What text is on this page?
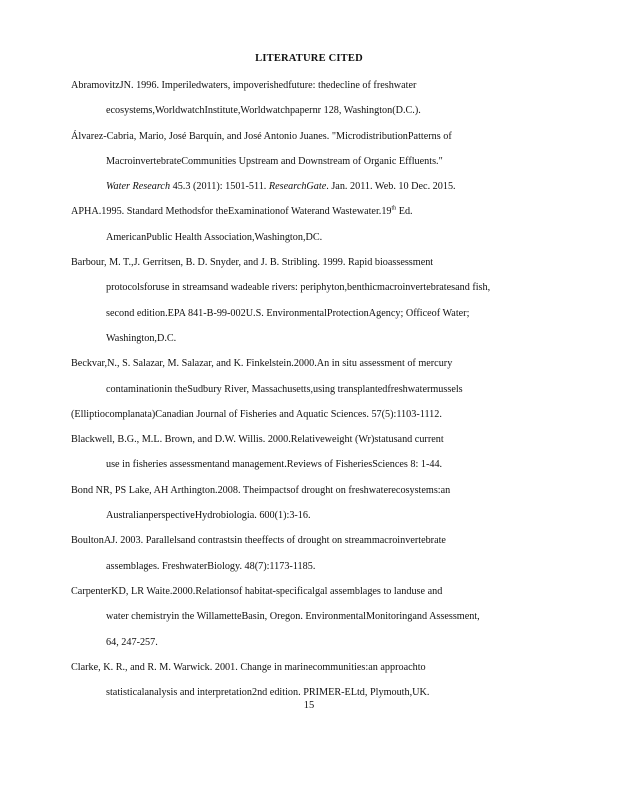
LITERATURE CITED
AbramovitzJN. 1996. Imperiledwaters, impoverishedfuture: thedecline of freshwater
ecosystems,WorldwatchInstitute,Worldwatchpapernr 128, Washington(D.C.).
Álvarez-Cabria, Mario, José Barquín, and José Antonio Juanes. "MicrodistributionPatterns of
MacroinvertebrateCommunities Upstream and Downstream of Organic Effluents."
Water Research 45.3 (2011): 1501-511. ResearchGate. Jan. 2011. Web. 10 Dec. 2015.
APHA.1995. Standard Methodsfor theExaminationof Waterand Wastewater.19th Ed.
AmericanPublic Health Association,Washington,DC.
Barbour, M. T.,J. Gerritsen, B. D. Snyder, and J. B. Stribling. 1999. Rapid bioassessment
protocolsforuse in streamsand wadeable rivers: periphyton,benthicmacroinvertebratesand fish,
second edition.EPA 841-B-99-002U.S. EnvironmentalProtectionAgency; Officeof Water;
Washington,D.C.
Beckvar,N., S. Salazar, M. Salazar, and K. Finkelstein.2000.An in situ assessment of mercury
contaminationin theSudbury River, Massachusetts,using transplantedfreshwatermussels
(Elliptiocomplanata)Canadian Journal of Fisheries and Aquatic Sciences. 57(5):1103-1112.
Blackwell, B.G., M.L. Brown, and D.W. Willis. 2000.Relativeweight (Wr)statusand current
use in fisheries assessmentand management.Reviews of FisheriesSciences 8: 1-44.
Bond NR, PS Lake, AH Arthington.2008. Theimpactsof drought on freshwaterecosystems:an
AustralianperspectiveHydrobiologia. 600(1):3-16.
BoultonAJ. 2003. Parallelsand contrastsin theeffects of drought on streammacroinvertebrate
assemblages. FreshwaterBiology. 48(7):1173-1185.
CarpenterKD, LR Waite.2000.Relationsof habitat-specificalgal assemblages to landuse and
water chemistryin the WillametteBasin, Oregon. EnvironmentalMonitoringand Assessment,
64, 247-257.
Clarke, K. R., and R. M. Warwick. 2001. Change in marinecommunities:an approachto
statisticalanalysis and interpretation2nd edition. PRIMER-ELtd, Plymouth,UK.
15
